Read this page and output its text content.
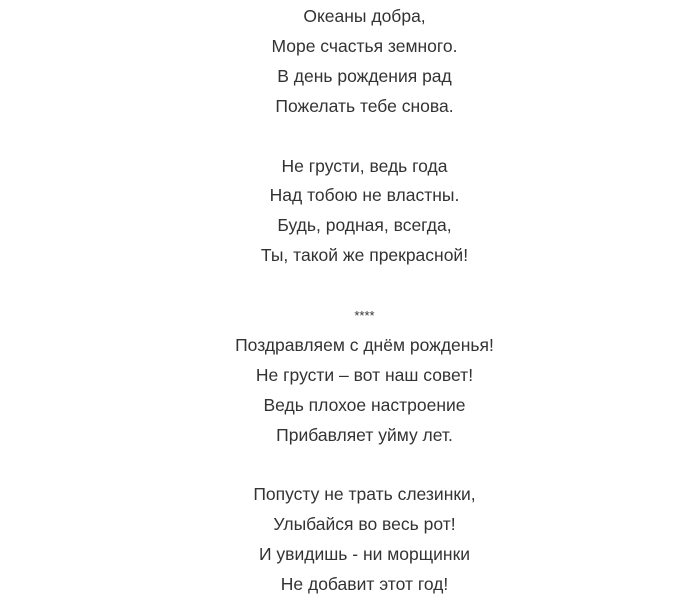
Океаны добра,
Море счастья земного.
В день рождения рад
Пожелать тебе снова.
Не грусти, ведь года
Над тобою не властны.
Будь, родная, всегда,
Ты, такой же прекрасной!
****
Поздравляем с днём рожденья!
Не грусти – вот наш совет!
Ведь плохое настроение
Прибавляет уйму лет.
Попусту не трать слезинки,
Улыбайся во весь рот!
И увидишь - ни морщинки
Не добавит этот год!
